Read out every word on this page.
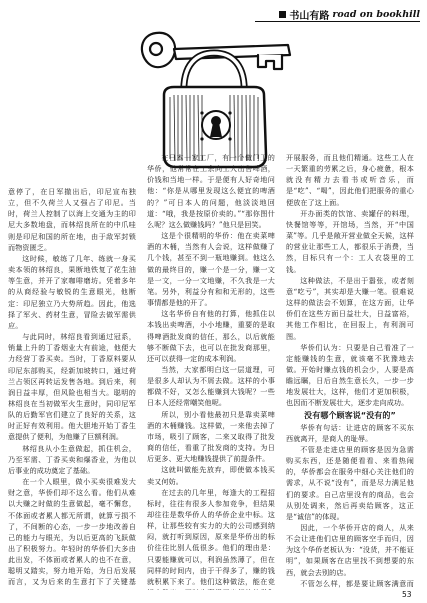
书山有路 road on bookhill

意停了，在日军撤出后，印尼宣布独立，但不久荷兰人又强占了印尼。当时，荷兰人控制了以海上交通为主的印尼大多数地盘，而林绍良所在的中爪哇则是印尼和国的所在地，由于敌军封锁而物资匮乏。

这时候，敏练了几年、练就一身买卖本领的林绍良，果断地铁复了花生油等生意，并开了家咖啡磨坊。凭着多年的从商经验与敏锐的生意眼光，他断定：印尼独立乃大势所趋。因此，他选择了军火、药材生意，冒险去做军需供应。

与此同时，林绍良看到通过冠系，销量上升的丁香烟业大有前途，他便大力经营丁香买卖。当时，丁香原料要从印尼东部购买，经新加坡转口，通过荷兰占领区再转运发售各地。到后来，利润日益丰厚，但风险也相当大。聪明的林绍良在当初做军火生意时，同印尼军队的后勤军官们建立了良好的关系，这时正好有效利用。他大胆地开始丁香生意提供了便利，为他赚了巨额利润。

林绍良从小生意做起，抓住机会，乃至军需、丁香买卖和爆香业，为他以后事业的成功奠定了基础。

在一个人眼里，做小买卖很难发大财之意，华侨们却不这么看。他们从难以大赚之时做的生意做起，毫不懈怠，不体面或者累人都无所谓，就算亏损不了，不间断的心态，一步一步地改善自己的能力与眼光，为以后更高的飞跃做出了积极努力。年轻时的华侨们大多由此出发，不体面或者累人的也不在意，聪明又踏实，努力地开始，为日后发展而言，又为后来的生意打下了关键基

在日本一家工厂，有一个做门卫的华侨，他常常在工余向工人出售啤酒，价钱和当地一样。于是便有人好奇地问他：“你是从哪里发现这么便宜的啤酒的？”可日本人的问题，他淡淡地回道：“哦，我是按原价卖的。”“那你图什么呢？这么做赚钱吗？”他只是回笑。

这是个很精明的华侨：他在卖菜啤酒的木桶，当然有人会说，这样做赚了几个钱，甚至不到一瓶地赚到。他这么做的最终目的，赚一个是一分，赚一文是一文，一分一文地赚，不久我是一大笔。另外，利益分有和和无形的，这些事情都是他的开了。

这名华侨自有他的打算，他抓住以本钱出卖啤酒，小小地赚，重要的是取得啤酒批发商的信任，那么，以后就能够不断做下去，也可以在批发商那里，还可以获得一定的成本利润。

当然，大家都明白这一层道理，可是很多人却认为不屑去做。这样的小事都做不好，又怎么能赚到大钱呢？一些日本人还经常嘲笑他呢。

所以，别小看他最初只是靠卖菜啤酒的木桶赚钱。这样做，一来他去掉了市场，吸引了顾客，二来又取得了批发商的信任，看重了批发商的支持。为日后更多、更大地赚钱提供了前提条件。

这就叫做能先放弃，即使做本钱买卖又何妨。

在过去的几年里，每逢大的工程招标时，往往有很多人参加竞争，但结果却往往是数华侨人的华侨企业中标。这样，让那些较有实力的大的公司感到纳闷，就打听到原因，原来是华侨出的标价往往比别人低很多。他们的理由是：只要能赚就可以，利润虽然薄了，但在同样的时间内，由于干得多了，赚的钱就积累下来了。他们这种做法，能在竞

开展服务，而且他们精通。这些工人在一天繁重的劳累之后，身心疲惫，根本就没有精力去看书或听音乐，而是“吃”、“喝”，因此他们把服务的重心便放在了这上面。

开办面类的饮馆、卖罐仔的料理，快餐馆等等，开馆场，当然，开“中国菜”等。几乎是敞开营业做全天候，这样的营业让那些工人，都很乐于消费，当然，目标只有一个：工人衣袋里的工钱。

这种做法，不是出于嚣张，或者刻意“吃亏”，其实却是大赚一笔。很难说这样的做法会不划算，在这方面，让华侨们在这些方面日益壮大，日益富裕，其他工作相比，在回报上，有利润可图。

华侨们认为：只要是自己看准了一定能赚钱的生意，就该毫不犹豫地去做。开始时赚点钱的机会少，人要是高瞻远瞩，日后自然生意长久，一步一步地发展壮大，这样，他们才更加积极，也因而不断发展壮大，逐步走向成功。

没有哪个顾客说“没有的”

华侨有句话：让进店的顾客不买东西就离开，是商人的耻辱。

不管是走进店里的顾客是因为急需购买东西，还是随便看看、来看热闹的，华侨都会在服务中细心关注他们的需求，从不说“没有”，而是尽力满足他们的要求。自己店里没有的商品，也会从别处调来，然后再卖给顾客，这正是“诚信”的体现。

因此，一个华侨开店的商人，从来不会让进他们店里的顾客空手而归，因为这个华侨老板认为：“没货，并不能证明”，如果顾客在店里找不到想要的东西，就会去别的店。

不管怎么样，都是要让顾客满意而

53
